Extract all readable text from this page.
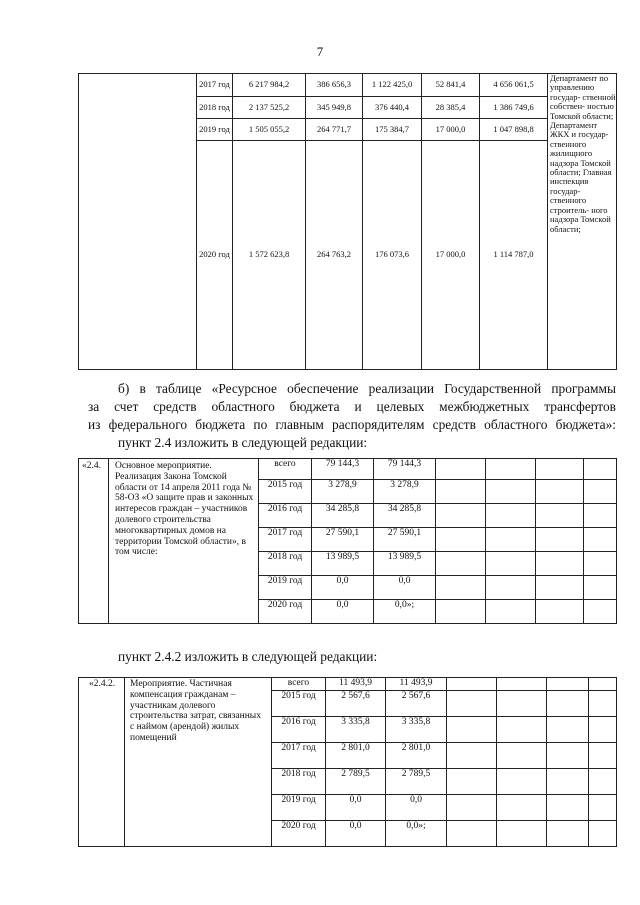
7
	2017 год	6 217 984,2	386 656,3	1 122 425,0	52 841,4	4 656 061,5	Департамент по управлению государ- ственной собствен- ностью Томской области; Департамент ЖКХ и государ- ственного жилищного надзора Томской области; Главная инспекция государ- ственного строитель- ного надзора Томской области;
	2018 год	2 137 525,2	345 949,8	376 440,4	28 385,4	1 386 749,6	
	2019 год	1 505 055,2	264 771,7	175 384,7	17 000,0	1 047 898,8	
	2020 год	1 572 623,8	264 763,2	176 073,6	17 000,0	1 114 787,0	
б) в таблице «Ресурсное обеспечение реализации Государственной программы
за счет средств областного бюджета и целевых межбюджетных трансфертов
из федерального бюджета по главным распорядителям средств областного бюджета»:
пункт 2.4 изложить в следующей редакции:
«2.4.	Основное мероприятие. Реализация Закона Томской области от 14 апреля 2011 года № 58-ОЗ «О защите прав и законных интересов граждан – участников долевого строительства многоквартирных домов на территории Томской области», в том числе:	всего	79 144,3	79 144,3				
		2015 год	3 278,9	3 278,9				
		2016 год	34 285,8	34 285,8				
		2017 год	27 590,1	27 590,1				
		2018 год	13 989,5	13 989,5				
		2019 год	0,0	0,0				
		2020 год	0,0	0,0»;				
пункт 2.4.2 изложить в следующей редакции:
«2.4.2.	Мероприятие. Частичная компенсация гражданам – участникам долевого строительства затрат, связанных с наймом (арендой) жилых помещений	всего	11 493,9	11 493,9				
		2015 год	2 567,6	2 567,6				
		2016 год	3 335,8	3 335,8				
		2017 год	2 801,0	2 801,0				
		2018 год	2 789,5	2 789,5				
		2019 год	0,0	0,0				
		2020 год	0,0	0,0»;				
